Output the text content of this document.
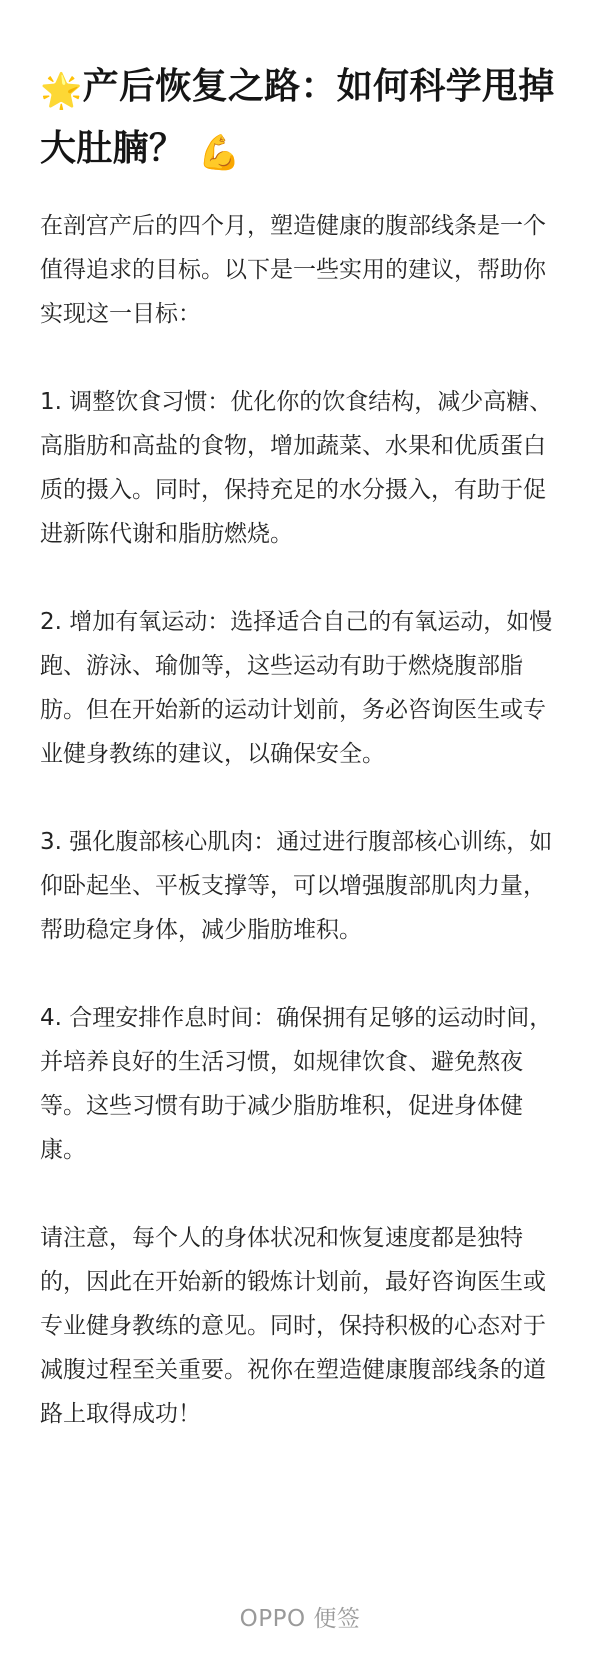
🌟产后恢复之路：如何科学甩掉大肚腩？ 💪

在剖宫产后的四个月，塑造健康的腹部线条是一个值得追求的目标。以下是一些实用的建议，帮助你实现这一目标：

1. 调整饮食习惯：优化你的饮食结构，减少高糖、高脂肪和高盐的食物，增加蔬菜、水果和优质蛋白质的摄入。同时，保持充足的水分摄入，有助于促进新陈代谢和脂肪燃烧。

2. 增加有氧运动：选择适合自己的有氧运动，如慢跑、游泳、瑜伽等，这些运动有助于燃烧腹部脂肪。但在开始新的运动计划前，务必咨询医生或专业健身教练的建议，以确保安全。

3. 强化腹部核心肌肉：通过进行腹部核心训练，如仰卧起坐、平板支撑等，可以增强腹部肌肉力量，帮助稳定身体，减少脂肪堆积。

4. 合理安排作息时间：确保拥有足够的运动时间，并培养良好的生活习惯，如规律饮食、避免熬夜等。这些习惯有助于减少脂肪堆积，促进身体健康。

请注意，每个人的身体状况和恢复速度都是独特的，因此在开始新的锻炼计划前，最好咨询医生或专业健身教练的意见。同时，保持积极的心态对于减腹过程至关重要。祝你在塑造健康腹部线条的道路上取得成功！

OPPO 便签
